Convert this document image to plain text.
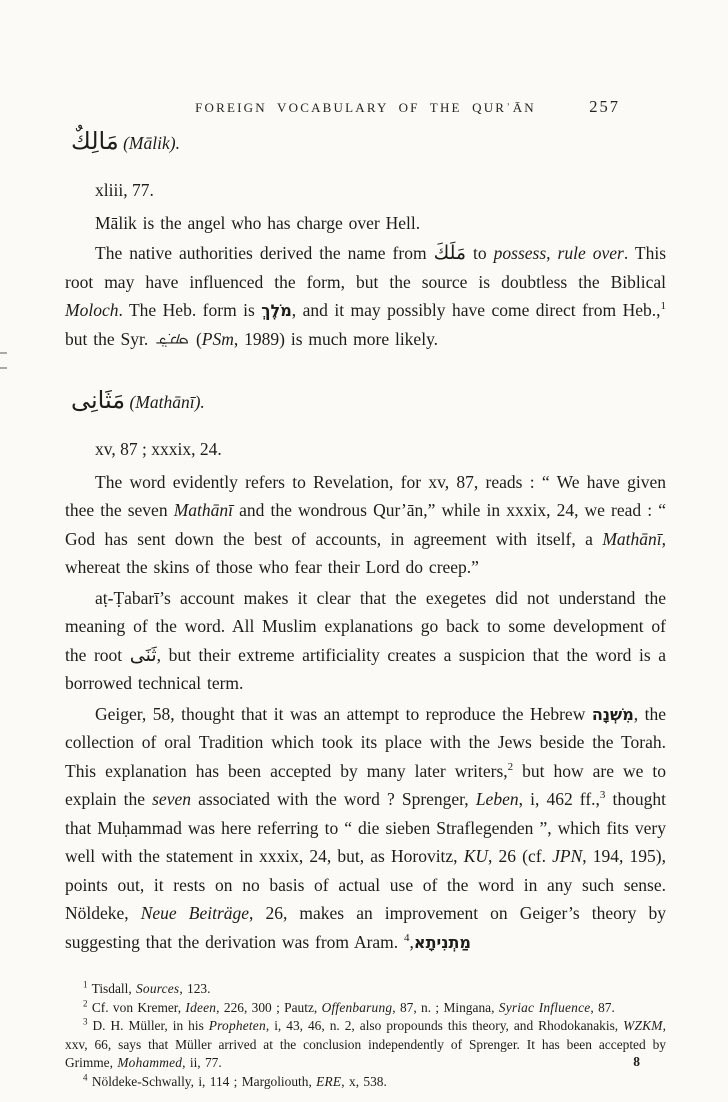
FOREIGN VOCABULARY OF THE QURʾĀN	257
مَالِكٌ (Mālik).

xliii, 77.

Mālik is the angel who has charge over Hell.

The native authorities derived the name from مَلَكَ to possess, rule over. This root may have influenced the form, but the source is doubtless the Biblical Moloch. The Heb. form is מֹלֶךְ, and it may possibly have come direct from Heb.,$^1$ but the Syr.  (PSm, 1989) is much more likely.

مَثَانِى (Mathānī).

xv, 87 ; xxxix, 24.

The word evidently refers to Revelation, for xv, 87, reads : “ We have given thee the seven Mathānī and the wondrous Qur’ān,” while in xxxix, 24, we read : “ God has sent down the best of accounts, in agreement with itself, a Mathānī, whereat the skins of those who fear their Lord do creep.”

aṭ-Ṭabarī’s account makes it clear that the exegetes did not understand the meaning of the word. All Muslim explanations go back to some development of the root ثَنَى, but their extreme artificiality creates a suspicion that the word is a borrowed technical term.

Geiger, 58, thought that it was an attempt to reproduce the Hebrew מִשְׁנָה, the collection of oral Tradition which took its place with the Jews beside the Torah. This explanation has been accepted by many later writers,$^2$ but how are we to explain the seven associated with the word ? Sprenger, Leben, i, 462 ff.,$^3$ thought that Muḥammad was here referring to “ die sieben Straflegenden ”, which fits very well with the statement in xxxix, 24, but, as Horovitz, KU, 26 (cf. JPN, 194, 195), points out, it rests on no basis of actual use of the word in any such sense. Nöldeke, Neue Beiträge, 26, makes an improvement on Geiger’s theory by suggesting that the derivation was from Aram. מַתְנִיתָא,$^4$

$^1$ Tisdall, Sources, 123.

$^2$ Cf. von Kremer, Ideen, 226, 300 ; Pautz, Offenbarung, 87, n. ; Mingana, Syriac Influence, 87.

$^3$ D. H. Müller, in his Propheten, i, 43, 46, n. 2, also propounds this theory, and Rhodokanakis, WZKM, xxv, 66, says that Müller arrived at the conclusion independently of Sprenger. It has been accepted by Grimme, Mohammed, ii, 77.

$^4$ Nöldeke-Schwally, i, 114 ; Margoliouth, ERE, x, 538.

8
